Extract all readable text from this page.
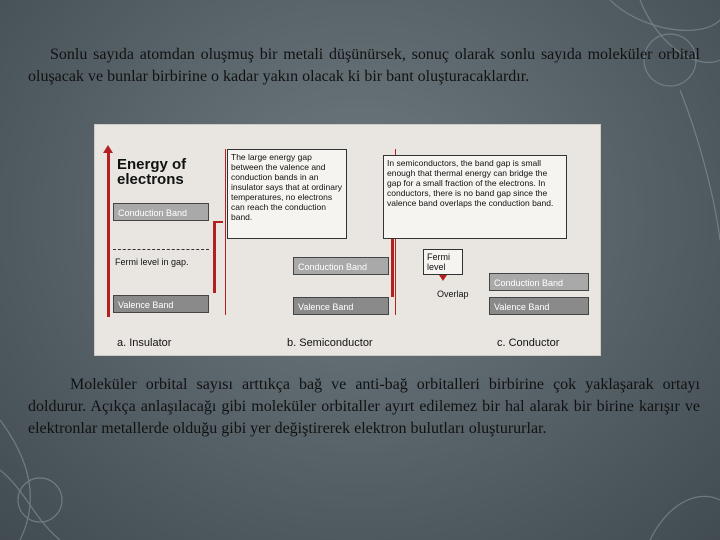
Sonlu sayıda atomdan oluşmuş bir metali düşünürsek, sonuç olarak sonlu sayıda moleküler orbital oluşacak ve bunlar birbirine o kadar yakın olacak ki bir bant oluşturacaklardır.

Energy of electrons
Conduction Band
Fermi level in gap.
Valence Band
a. Insulator
The large energy gap between the valence and conduction bands in an insulator says that at ordinary temperatures, no electrons can reach the conduction band.
Conduction Band
Valence Band
b. Semiconductor
In semiconductors, the band gap is small enough that thermal energy can bridge the gap for a small fraction of the electrons. In conductors, there is no band gap since the valence band overlaps the conduction band.
Fermi level
Conduction Band
Overlap
Valence Band
c. Conductor

Moleküler orbital sayısı arttıkça bağ ve anti-bağ orbitalleri birbirine çok yaklaşarak ortayı doldurur. Açıkça anlaşılacağı gibi moleküler orbitaller ayırt edilemez bir hal alarak bir birine karışır ve elektronlar metallerde olduğu gibi yer değiştirerek elektron bulutları oluştururlar.
